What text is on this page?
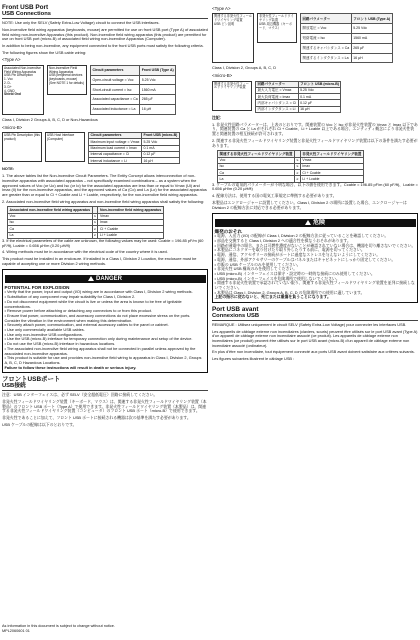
Front USB Port
USB Connections

NOTE: Use only the SELV (Safety Extra-Low Voltage) circuit to connect the USB interfaces.

Non-incendive field wiring apparatus (keyboards, mouse) are permitted for use on front USB port (Type A) of associated field wiring non-incendive Apparatus (this product). Non-incendive field wiring apparatus (this product) are permitted for use on front USB port (micro-B) of associated field wiring non-incendive Apparatus (Computer).

In addition to being non-incendive, any equipment connected to the front USB ports must satisfy the following criteria.

The following figures show the USB cable wiring:

<Type A>
Associated Non-incendive Field Wiring Apparatus
USB Pin Description
1. Vcc
2. D-
3. D+
4. GND
Shield Gnd
Non-incendive Field Wiring Apparatus
USB peripheral devices (keyboards, mouse)
(See NOTE 1 for details)
Circuit parameters	Front USB (Type A)
Open-circuit voltage = Voc	5.25 Vdc
Short-circuit current = Isc	1560 mA
Associated capacitance = Ca	265 µF
Associated inductance = La	16 µH

Class I, Division 2 Groups A, B, C, D or Non-Hazardous

<micro-B>
USB Pin Description (this product)
USB Host Interface (Computer)
Circuit parameters	Front USB (micro-B)
Maximum input voltage = Vmax	5.25 Vdc
Maximum load current = Imax	0.1 mA
Internal capacitance = Ci	0.12 µF
Internal inductance = Li	16 µH

NOTE:

1. The above tables list the Non-incendive Circuit Parameters. The Entity Concept allows interconnection of non-incendive apparatus with associated apparatus – not specifically examined combinations – as a system when the approved values of Voc (or Uo) and Isc (or Io) for the associated apparatus are less than or equal to Vmax (Ui) and Imax (Ii) for the non-incendive apparatus, and the approved values of Ca (Co) and La (Lo) for the associated apparatus are greater than or equal to Ci + Ccable and Li + Lcable, respectively, for the non-incendive field wiring apparatus.

2. Associated non-incendive field wiring apparatus and non-incendive field wiring apparatus shall satisfy the following:

Associated non-incendive field wiring apparatus		Non-incendive field wiring apparatus
Voc	≤	Vmax
Isc	≤	Imax
Ca	≥	Ci + Ccable
La	≥	Li + Lcable

3. If the electrical parameters of the cable are unknown, the following values may be used: Ccable = 196.85 pF/m (60 pF/ft), Lcable = 0.656 µH/m (0.20 µH/ft)

4. Wiring methods must be in accordance with the electrical code of the country where it is used.

This product must be installed in an enclosure. If installed in a Class I, Division 2 Location, the enclosure must be capable of accepting one or more Division 2 wiring methods.

DANGER
POTENTIAL FOR EXPLOSION
• Verify that the power, input and output (I/O) wiring are in accordance with Class I, Division 2 wiring methods.
• Substitution of any component may impair suitability for Class I, Division 2.
• Do not disconnect equipment while the circuit is live or unless the area is known to be free of ignitable concentrations.
• Remove power before attaching or detaching any connectors to or from this product.
• Ensure that power, communication, and accessory connections do not place excessive stress on the ports. Consider the vibration in the environment when making this determination.
• Securely attach power, communication, and external accessory cables to the panel or cabinet.
• Use only commercially available USB cables.
• Use only non-incendive USB configurations.
• Use the USB (micro-B) interface for temporary connection only during maintenance and setup of the device.
• Do not use the USB (micro-B) interface in hazardous locations.
• The associated non-incendive field wiring apparatus shall not be connected in parallel unless approved by the associated non-incendive apparatus.
• This product is suitable for use and provides non-incendive field wiring to apparatus in Class I, Division 2, Groups A, B, C, D Hazardous Locations.
Failure to follow these instructions will result in death or serious injury.
フロントUSBポート
USB接続

注意：USB インターフェイスは、必ず SELV（安全超低電圧）回路に接続してください。

非発火性フィールドワイヤリング装置（キーボード、マウス）は、関連する非発火性フィールドワイヤリング装置（本製品）のフロント USB ポート（Type A）で使用できます。非発火性フィールドワイヤリング装置（本製品）は、関連する非発火性フィールドワイヤリング装置（コンピュータ）のフロント USB ポート（micro-B）で使用できます。

非発火性であることに加えて、フロント USB ポートに接続される機器は次の基準を満たす必要があります。

USB ケーブルの配線は以下のとおりです。

<Type A>
関連する非発火性フィールドワイヤリング装置
USB ピン説明
非発火性フィールドワイヤリング装置
USB 周辺機器（キーボード、マウス）
回路パラメーター	フロント USB (Type A)
開放電圧 = Voc	5.25 Vdc
短絡電流 = Isc	1560 mA
関連するキャパシタンス = Ca	265 µF
関連するインダクタンス = La	16 µH

Class I, Division 2, Groups A, B, C, D

<micro-B>
関連する非発火性フィールドワイヤリング装置
回路パラメーター	フロント USB (micro-B)
最大入力電圧 = Vmax	5.25 Vdc
最大負荷電流 = Imax	0.1 mA
内部キャパシタンス = Ci	0.12 µF
内部インダクタンス = Li	16 µH

注記：

1. 非発火性回路パラメーターは、上表のとおりです。関連装置の Voc と Isc が非発火性装置の Vmax と Imax 以下であり、関連装置の Ca と La がそれぞれ Ci + Ccable、Li + Lcable 以上である場合、エンティティ概念により非発火性装置と関連装置の相互接続が許可されます。

2. 関連する非発火性フィールドワイヤリング装置と非発火性フィールドワイヤリング装置は以下の条件を満たす必要があります。

関連する非発火性フィールドワイヤリング装置		非発火性フィールドワイヤリング装置
Voc	≤	Vmax
Isc	≤	Imax
Ca	≥	Ci + Ccable
La	≥	Li + Lcable

3. ケーブルの電気的パラメーターが不明な場合、以下の値を使用できます。Ccable = 196.85 pF/m (60 pF/ft)、Lcable = 0.656 µH/m (0.20 µH/ft)

4. 配線方法は、使用する国の電気工事規定に準拠する必要があります。

本製品はエンクロージャーに設置してください。Class I, Division 2 の場所に設置した場合、エンクロージャーは Division 2 の配線方法に対応できる必要があります。

危険
爆発のおそれ
• 電源、入出力 (I/O) の配線が Class I, Division 2 の配線方法に従っていることを確認してください。
• 部品を交換すると Class I, Division 2 への適合性を損なうおそれがあります。
• 回路が通電中の場合、または可燃性濃度がないことが確認されていない場合は、機器を切り離さないでください。
• 本製品にコネクターを取り付けたり取り外したりする前に、電源を切ってください。
• 電源、通信、アクセサリーの接続がポートに過度なストレスを与えないようにしてください。
• 電源、通信、外部アクセサリーのケーブルはパネルまたはキャビネットにしっかり固定してください。
• 市販の USB ケーブルのみを使用してください。
• 非発火性 USB 構成のみを使用してください。
• USB (micro-B) インターフェイスは保守・設定時の一時的な接続にのみ使用してください。
• USB (micro-B) インターフェイスを危険場所で使用しないでください。
• 関連する非発火性装置で承認されていない限り、関連する非発火性フィールドワイヤリング装置を並列に接続しないでください。
• 本製品は Class I, Division 2, Groups A, B, C, D の危険場所での使用に適しています。
上記の指示に従わないと、死亡または重傷を負うことになります。
Port USB avant
Connexions USB

REMARQUE : Utilisez uniquement le circuit SELV (Safety Extra-Low Voltage) pour connecter les interfaces USB.

Les appareils de câblage externe non incendiaires (claviers, souris) peuvent être utilisés sur le port USB avant (Type A) d'un appareil de câblage externe non incendiaire associé (ce produit). Les appareils de câblage externe non incendiaires (ce produit) peuvent être utilisés sur le port USB avant (micro-B) d'un appareil de câblage externe non incendiaire associé (ordinateur).

En plus d'être non incendiaire, tout équipement connecté aux ports USB avant doivent satisfaire aux critères suivants.

Les figures suivantes illustrent le câblage USB :

As information in this document is subject to change without notice.
MPL2060601 01
